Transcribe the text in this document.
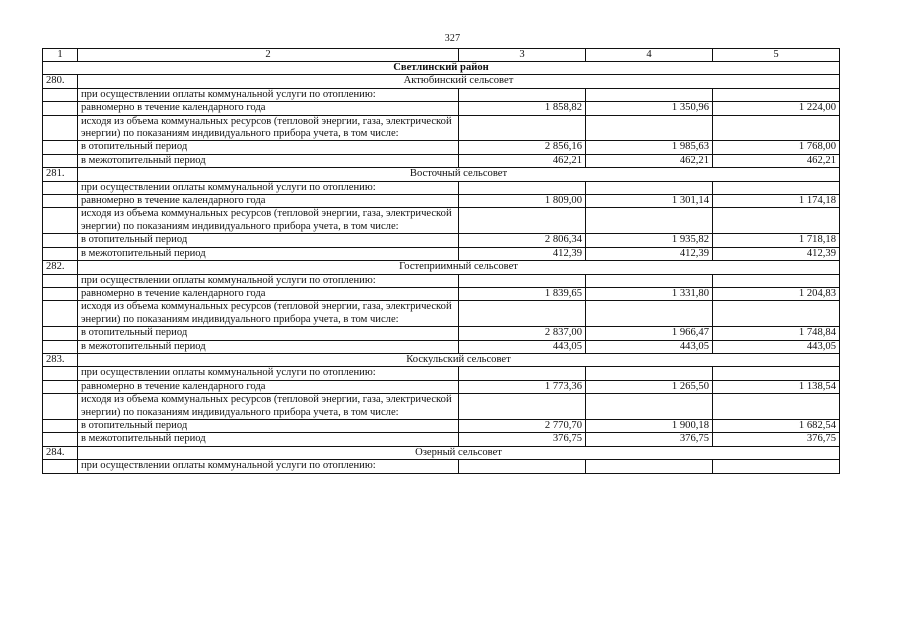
327
1	2	3	4	5
Светлинский район				
280.	Актюбинский сельсовет			
	при осуществлении оплаты коммунальной услуги по отоплению:			
	равномерно в течение календарного года	1 858,82	1 350,96	1 224,00
	исходя из объема коммунальных ресурсов (тепловой энергии, газа, электрической энергии) по показаниям индивидуального прибора учета, в том числе:			
	в отопительный период	2 856,16	1 985,63	1 768,00
	в межотопительный период	462,21	462,21	462,21
281.	Восточный сельсовет			
	при осуществлении оплаты коммунальной услуги по отоплению:			
	равномерно в течение календарного года	1 809,00	1 301,14	1 174,18
	исходя из объема коммунальных ресурсов (тепловой энергии, газа, электрической энергии) по показаниям индивидуального прибора учета, в том числе:			
	в отопительный период	2 806,34	1 935,82	1 718,18
	в межотопительный период	412,39	412,39	412,39
282.	Гостеприимный сельсовет			
	при осуществлении оплаты коммунальной услуги по отоплению:			
	равномерно в течение календарного года	1 839,65	1 331,80	1 204,83
	исходя из объема коммунальных ресурсов (тепловой энергии, газа, электрической энергии) по показаниям индивидуального прибора учета, в том числе:			
	в отопительный период	2 837,00	1 966,47	1 748,84
	в межотопительный период	443,05	443,05	443,05
283.	Коскульский сельсовет			
	при осуществлении оплаты коммунальной услуги по отоплению:			
	равномерно в течение календарного года	1 773,36	1 265,50	1 138,54
	исходя из объема коммунальных ресурсов (тепловой энергии, газа, электрической энергии) по показаниям индивидуального прибора учета, в том числе:			
	в отопительный период	2 770,70	1 900,18	1 682,54
	в межотопительный период	376,75	376,75	376,75
284.	Озерный сельсовет			
	при осуществлении оплаты коммунальной услуги по отоплению:			
